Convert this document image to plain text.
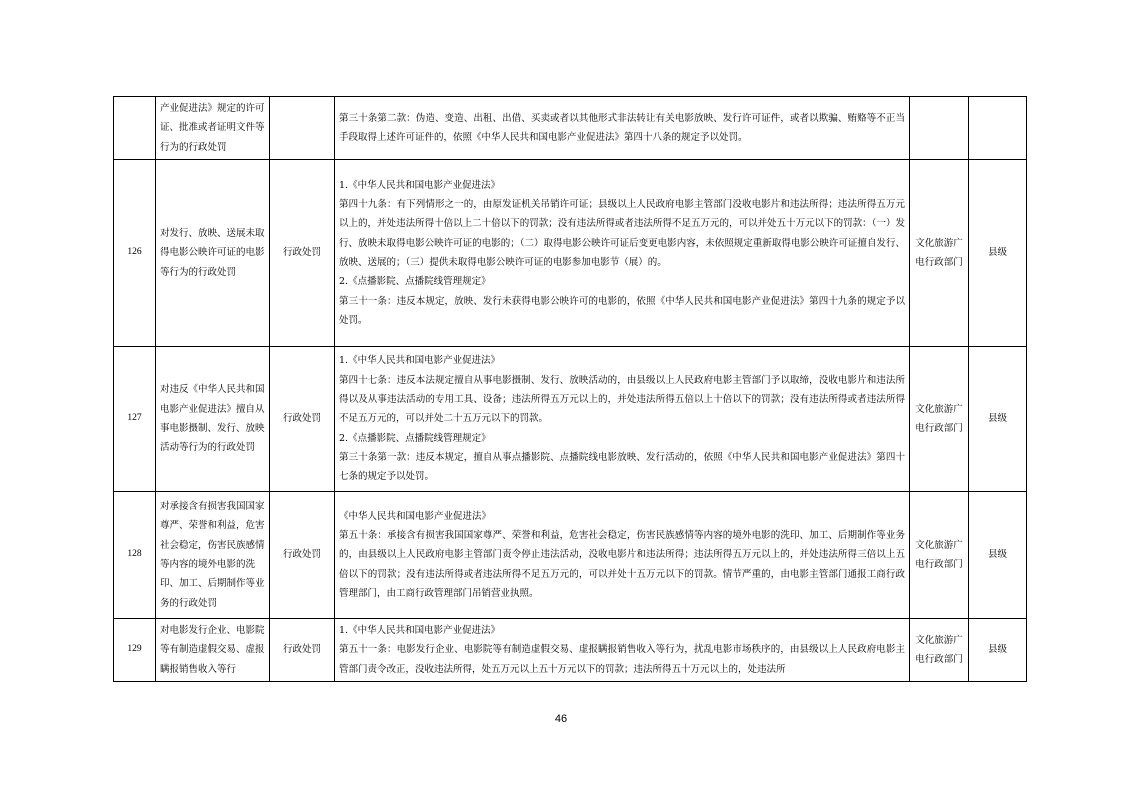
	产业促进法》规定的许可证、批准或者证明文件等行为的行政处罚		第三十条第二款：伪造、变造、出租、出借、买卖或者以其他形式非法转让有关电影放映、发行许可证件，或者以欺骗、贿赂等不正当手段取得上述许可证件的，依照《中华人民共和国电影产业促进法》第四十八条的规定予以处罚。		

126	对发行、放映、送展未取得电影公映许可证的电影等行为的行政处罚	行政处罚	1.《中华人民共和国电影产业促进法》
第四十九条：有下列情形之一的，由原发证机关吊销许可证；县级以上人民政府电影主管部门没收电影片和违法所得；违法所得五万元以上的，并处违法所得十倍以上二十倍以下的罚款；没有违法所得或者违法所得不足五万元的，可以并处五十万元以下的罚款：（一）发行、放映未取得电影公映许可证的电影的；（二）取得电影公映许可证后变更电影内容，未依照规定重新取得电影公映许可证擅自发行、放映、送展的；（三）提供未取得电影公映许可证的电影参加电影节（展）的。
2.《点播影院、点播院线管理规定》
第三十一条：违反本规定，放映、发行未获得电影公映许可的电影的，依照《中华人民共和国电影产业促进法》第四十九条的规定予以处罚。	文化旅游广电行政部门	县级
127	对违反《中华人民共和国电影产业促进法》擅自从事电影摄制、发行、放映活动等行为的行政处罚	行政处罚	1.《中华人民共和国电影产业促进法》
第四十七条：违反本法规定擅自从事电影摄制、发行、放映活动的，由县级以上人民政府电影主管部门予以取缔，没收电影片和违法所得以及从事违法活动的专用工具、设备；违法所得五万元以上的，并处违法所得五倍以上十倍以下的罚款；没有违法所得或者违法所得不足五万元的，可以并处二十五万元以下的罚款。
2.《点播影院、点播院线管理规定》
第三十条第一款：违反本规定，擅自从事点播影院、点播院线电影放映、发行活动的，依照《中华人民共和国电影产业促进法》第四十七条的规定予以处罚。	文化旅游广电行政部门	县级
128	对承接含有损害我国国家尊严、荣誉和利益，危害社会稳定，伤害民族感情等内容的境外电影的洗印、加工、后期制作等业务的行政处罚	行政处罚	《中华人民共和国电影产业促进法》
第五十条：承接含有损害我国国家尊严、荣誉和利益，危害社会稳定，伤害民族感情等内容的境外电影的洗印、加工、后期制作等业务的，由县级以上人民政府电影主管部门责令停止违法活动，没收电影片和违法所得；违法所得五万元以上的，并处违法所得三倍以上五倍以下的罚款；没有违法所得或者违法所得不足五万元的，可以并处十五万元以下的罚款。情节严重的，由电影主管部门通报工商行政管理部门，由工商行政管理部门吊销营业执照。	文化旅游广电行政部门	县级
129	对电影发行企业、电影院等有制造虚假交易、虚报瞒报销售收入等行	行政处罚	1.《中华人民共和国电影产业促进法》
第五十一条：电影发行企业、电影院等有制造虚假交易、虚报瞒报销售收入等行为，扰乱电影市场秩序的，由县级以上人民政府电影主管部门责令改正，没收违法所得，处五万元以上五十万元以下的罚款；违法所得五十万元以上的，处违法所	文化旅游广电行政部门	县级
46
